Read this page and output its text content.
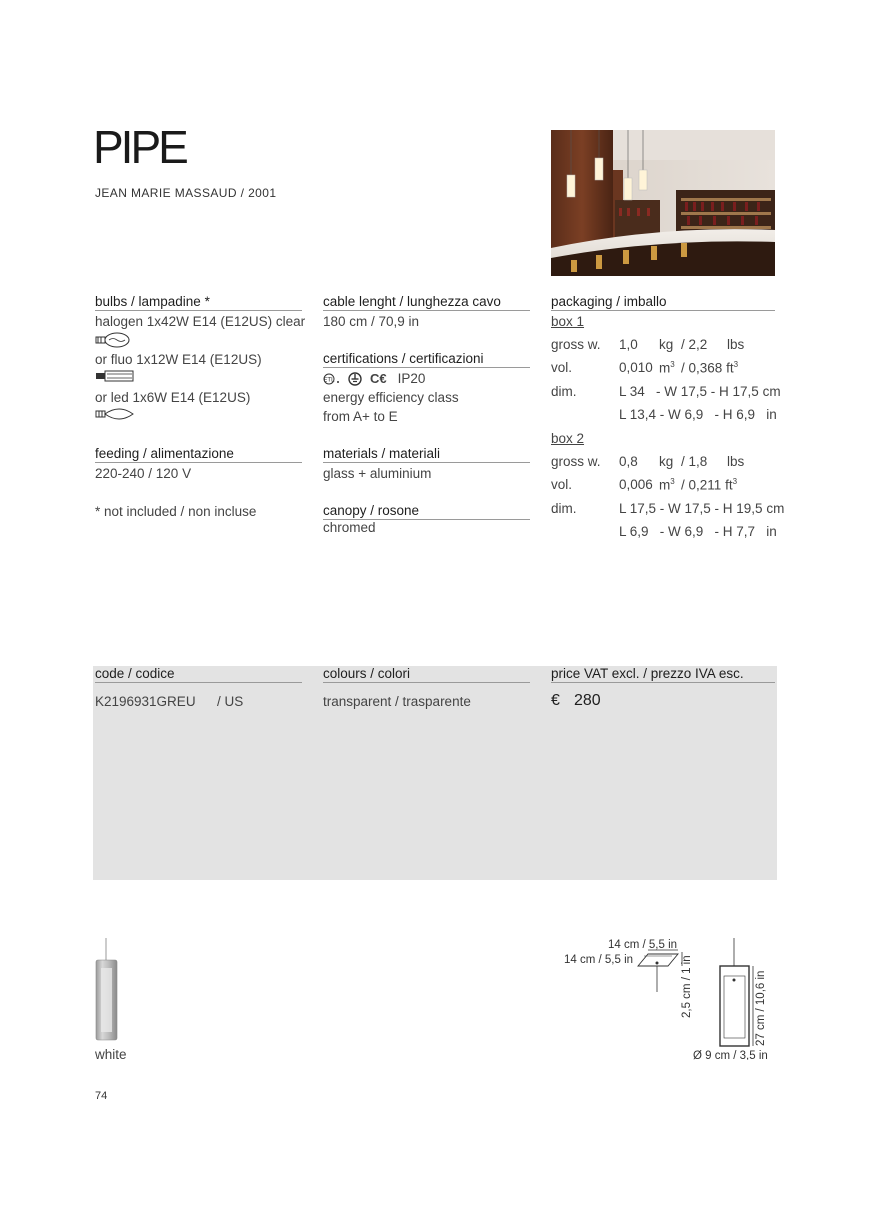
PIPE
JEAN MARIE MASSAUD / 2001
bulbs / lampadine *
halogen 1x42W E14 (E12US) clear
or fluo 1x12W E14 (E12US)
or led 1x6W E14 (E12US)
feeding / alimentazione
220-240 / 120 V
* not included / non incluse
cable lenght / lunghezza cavo
180 cm / 70,9 in
certifications / certificazioni
ETL	C€ IP20
energy efficiency class
from A+ to E
materials / materiali
glass + aluminium
canopy / rosone
chromed
packaging / imballo
box 1
gross w. 1,0 kg / 2,2 lbs
vol.	0,010 $m^3 / 0,368$ $ft^3$
dim.	L 34   - W 17,5 - H 17,5 cm
L 13,4 - W 6,9   - H 6,9   in
box 2
gross w. 0,8 kg / 1,8 lbs
vol.	0,006 $m^3 / 0,211$ $ft^3$
dim.	L 17,5 - W 17,5 - H 19,5 cm
L 6,9   - W 6,9   - H 7,7   in
code / codice	colours / colori	price VAT excl. / prezzo IVA esc.
K2196931GREU / US	transparent / trasparente	€ 280
white
14 cm / 5,5 in
14 cm / 5,5 in	2,5 cm / 1 in	27 cm / 10,6 in
Ø 9 cm / 3,5 in
74
